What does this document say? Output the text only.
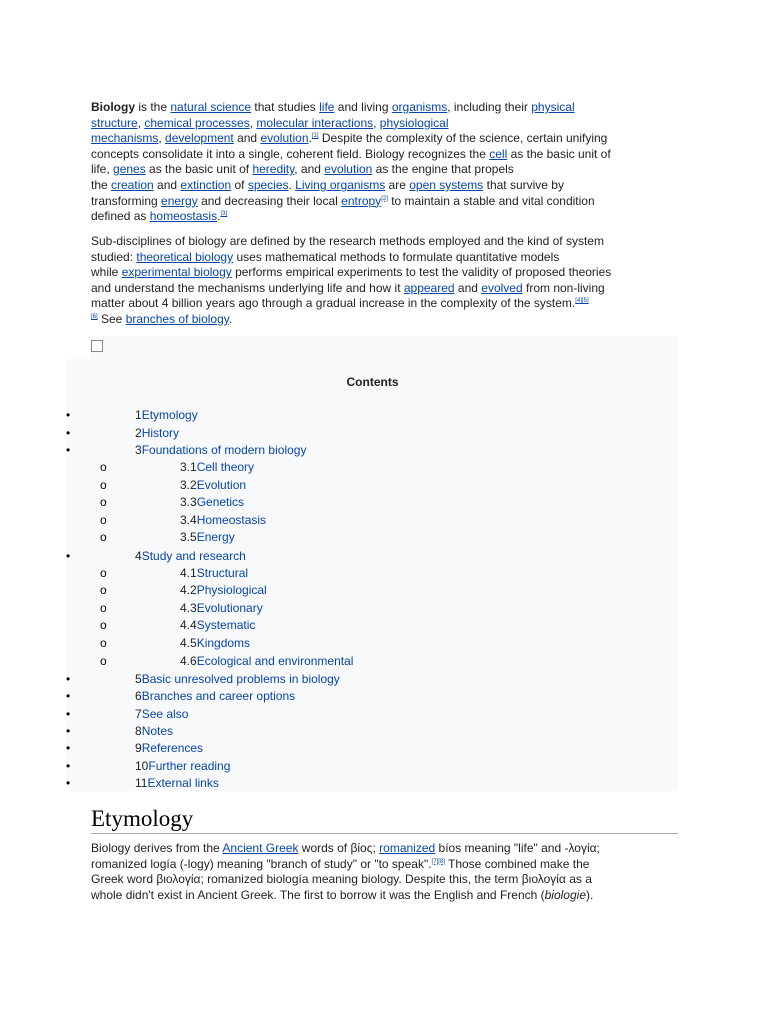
Biology is the natural science that studies life and living organisms, including their physical
structure, chemical processes, molecular interactions, physiological
mechanisms, development and evolution.[1] Despite the complexity of the science, certain unifying
concepts consolidate it into a single, coherent field. Biology recognizes the cell as the basic unit of
life, genes as the basic unit of heredity, and evolution as the engine that propels
the creation and extinction of species. Living organisms are open systems that survive by
transforming energy and decreasing their local entropy[2] to maintain a stable and vital condition
defined as homeostasis.[3]

Sub-disciplines of biology are defined by the research methods employed and the kind of system
studied: theoretical biology uses mathematical methods to formulate quantitative models
while experimental biology performs empirical experiments to test the validity of proposed theories
and understand the mechanisms underlying life and how it appeared and evolved from non-living
matter about 4 billion years ago through a gradual increase in the complexity of the system.[4][5]
[6] See branches of biology.

Contents
•	1Etymology
•	2History
•	3Foundations of modern biology
o	3.1Cell theory
o	3.2Evolution
o	3.3Genetics
o	3.4Homeostasis
o	3.5Energy
•	4Study and research
o	4.1Structural
o	4.2Physiological
o	4.3Evolutionary
o	4.4Systematic
o	4.5Kingdoms
o	4.6Ecological and environmental
•	5Basic unresolved problems in biology
•	6Branches and career options
•	7See also
•	8Notes
•	9References
•	10Further reading
•	11External links
Etymology

Biology derives from the Ancient Greek words of βίος; romanized bíos meaning "life" and -λογία;
romanized logía (-logy) meaning "branch of study" or "to speak".[7][8] Those combined make the
Greek word βιολογία; romanized biología meaning biology. Despite this, the term βιολογία as a
whole didn't exist in Ancient Greek. The first to borrow it was the English and French (biologie).
